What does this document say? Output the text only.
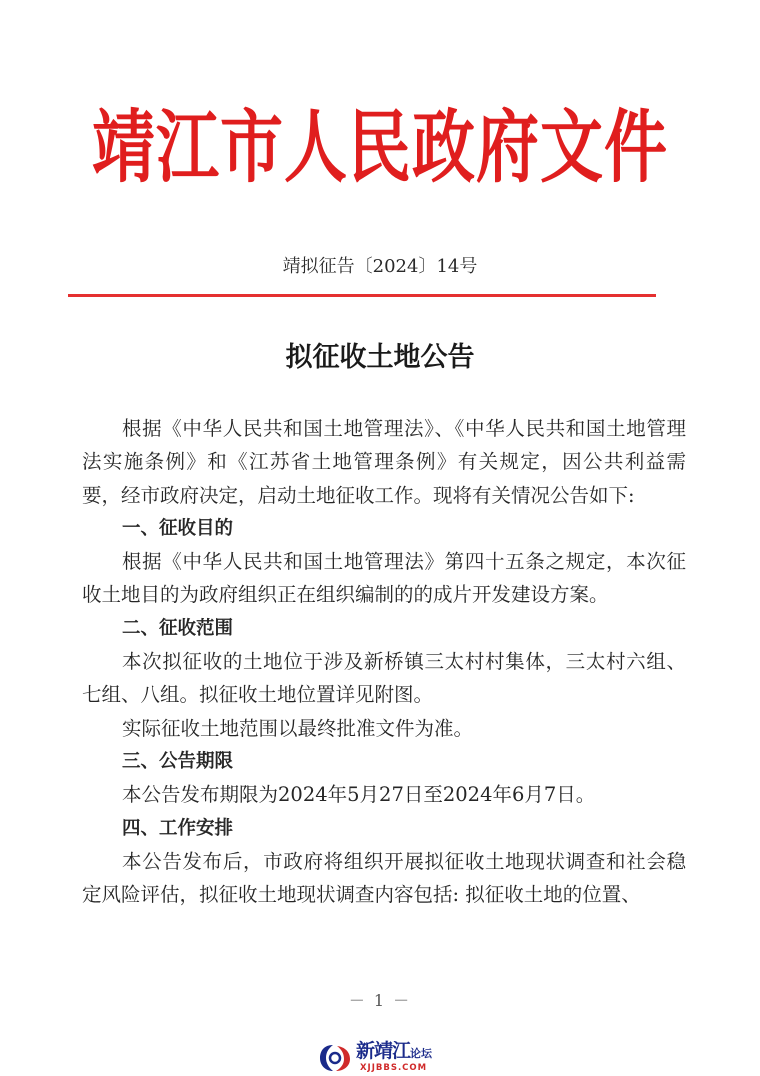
靖江市人民政府文件
靖拟征告〔2024〕14号
拟征收土地公告

根据《中华人民共和国土地管理法》、《中华人民共和国土地管理法实施条例》和《江苏省土地管理条例》有关规定，因公共利益需要，经市政府决定，启动土地征收工作。现将有关情况公告如下:

一、征收目的

根据《中华人民共和国土地管理法》第四十五条之规定，本次征收土地目的为政府组织正在组织编制的的成片开发建设方案。

二、征收范围

本次拟征收的土地位于涉及新桥镇三太村村集体，三太村六组、七组、八组。拟征收土地位置详见附图。

实际征收土地范围以最终批准文件为准。

三、公告期限

本公告发布期限为2024年5月27日至2024年6月7日。

四、工作安排

本公告发布后，市政府将组织开展拟征收土地现状调查和社会稳定风险评估，拟征收土地现状调查内容包括: 拟征收土地的位置、

－ 1 －
新靖江论坛
XJJBBS.COM
